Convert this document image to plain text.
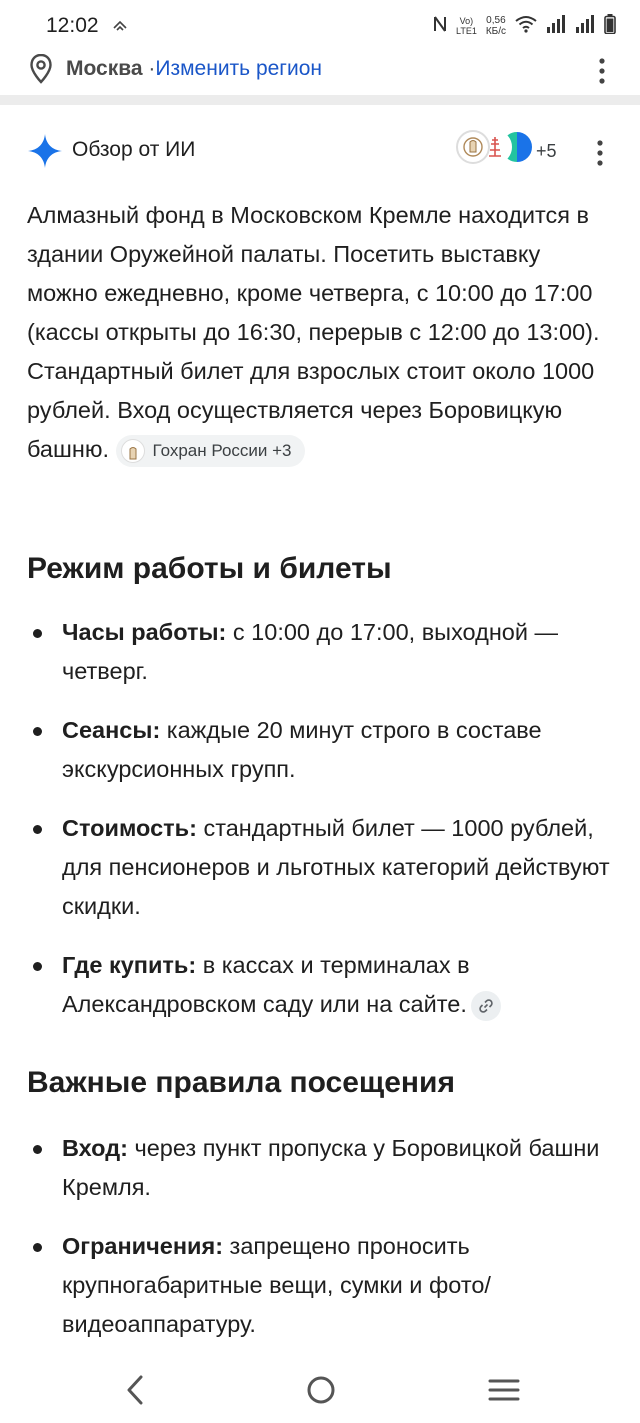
12:02	Vo)
LTE1
0,56
КБ/с
Москва ·Изменить регион
Обзор от ИИ	+5
Алмазный фонд в Московском Кремле находится в здании Оружейной палаты. Посетить выставку можно ежедневно, кроме четверга, с 10:00 до 17:00 (кассы открыты до 16:30, перерыв с 12:00 до 13:00). Стандартный билет для взрослых стоит около 1000 рублей. Вход осуществляется через Боровицкую башню.	Гохран России +3
Режим работы и билеты
Часы работы: с 10:00 до 17:00, выходной — четверг.
Сеансы: каждые 20 минут строго в составе экскурсионных групп.
Стоимость: стандартный билет — 1000 рублей, для пенсионеров и льготных категорий действуют скидки.
Где купить: в кассах и терминалах в Александровском саду или на сайте.
Важные правила посещения
Вход: через пункт пропуска у Боровицкой башни Кремля.
Ограничения: запрещено проносить крупногабаритные вещи, сумки и фото/видеоаппаратуру.
